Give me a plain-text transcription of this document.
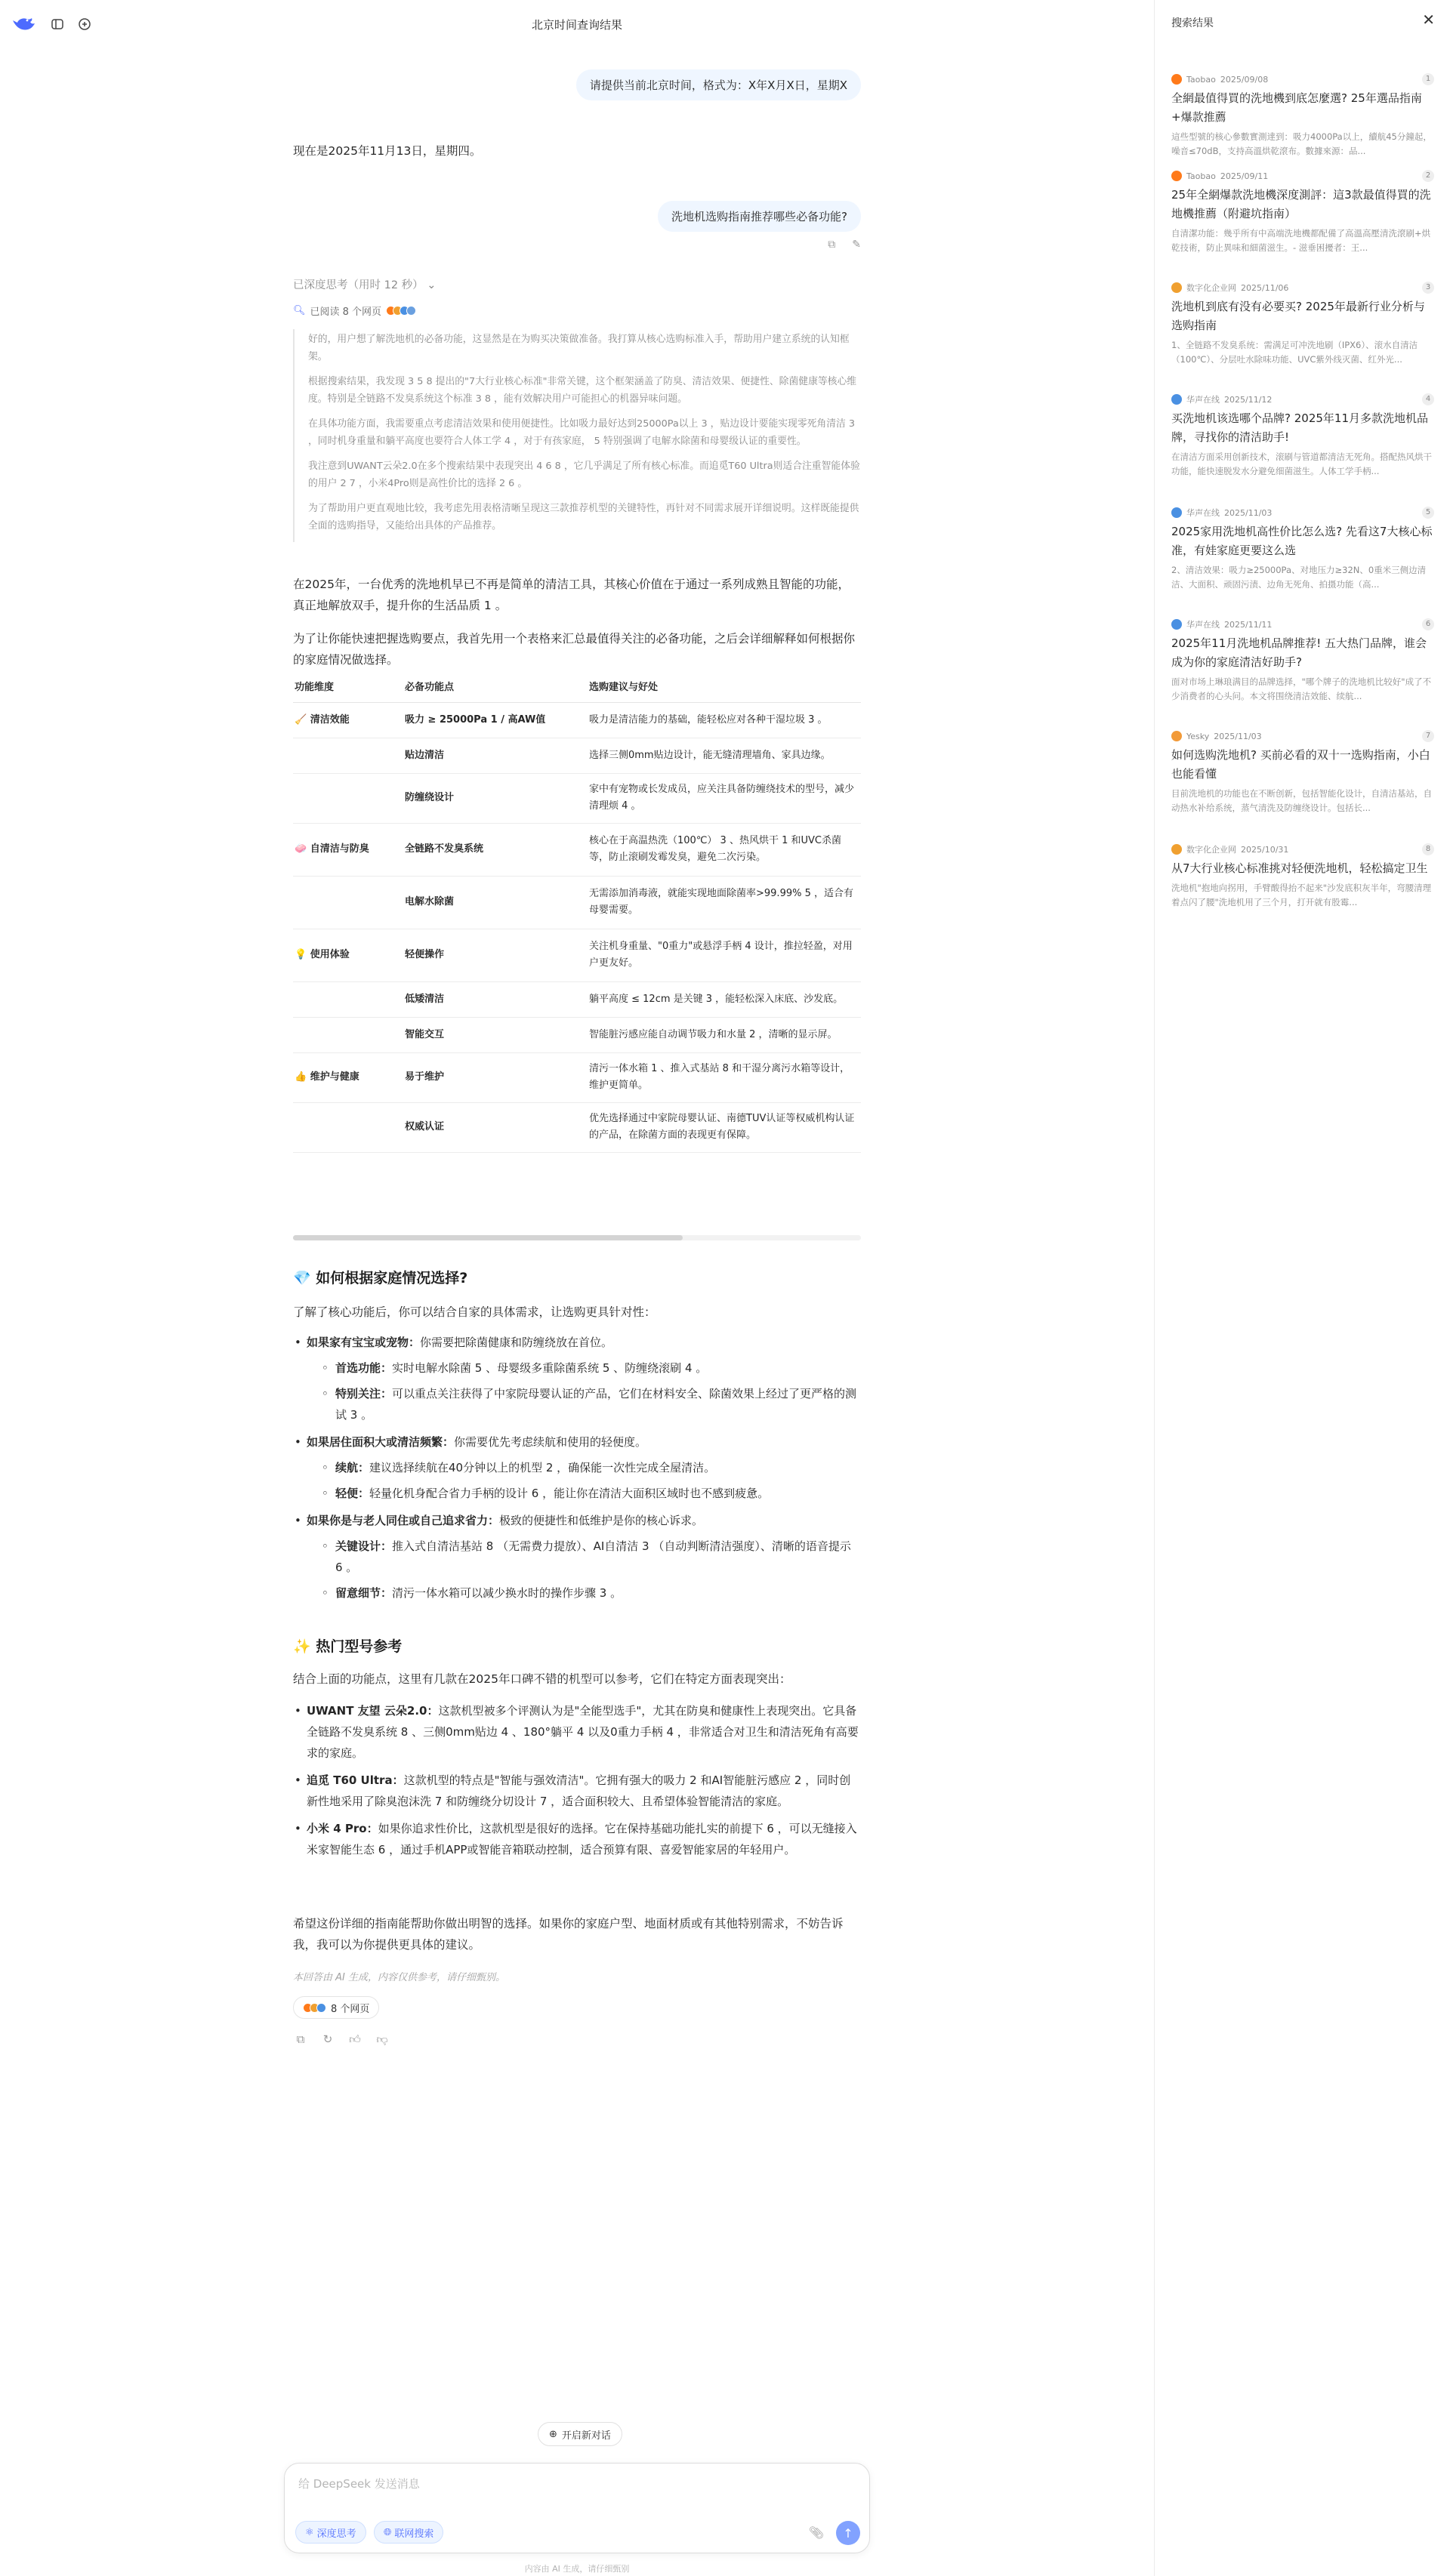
北京时间查询结果
请提供当前北京时间，格式为：X年X月X日，星期X
现在是2025年11月13日，星期四。
洗地机选购指南推荐哪些必备功能?
⧉ ✎
已深度思考（用时 12 秒） ⌄
🔍︎ 已阅读 8 个网页

好的，用户想了解洗地机的必备功能，这显然是在为购买决策做准备。我打算从核心选购标准入手，帮助用户建立系统的认知框架。

根据搜索结果，我发现 3 5 8 提出的"7大行业核心标准"非常关键，这个框架涵盖了防臭、清洁效果、便捷性、除菌健康等核心维度。特别是全链路不发臭系统这个标准 3 8 ，能有效解决用户可能担心的机器异味问题。

在具体功能方面，我需要重点考虑清洁效果和使用便捷性。比如吸力最好达到25000Pa以上 3 ，贴边设计要能实现零死角清洁 3 ，同时机身重量和躺平高度也要符合人体工学 4 ，对于有孩家庭， 5 特别强调了电解水除菌和母婴级认证的重要性。

我注意到UWANT云朵2.0在多个搜索结果中表现突出 4 6 8 ，它几乎满足了所有核心标准。而追觅T60 Ultra则适合注重智能体验的用户 2 7 ，小米4Pro则是高性价比的选择 2 6 。

为了帮助用户更直观地比较，我考虑先用表格清晰呈现这三款推荐机型的关键特性，再针对不同需求展开详细说明。这样既能提供全面的选购指导，又能给出具体的产品推荐。

在2025年，一台优秀的洗地机早已不再是简单的清洁工具，其核心价值在于通过一系列成熟且智能的功能，真正地解放双手，提升你的生活品质 1 。
为了让你能快速把握选购要点，我首先用一个表格来汇总最值得关注的必备功能，之后会详细解释如何根据你的家庭情况做选择。
功能维度	必备功能点	选购建议与好处
🧹 清洁效能	吸力 ≥ 25000Pa 1 / 高AW值	吸力是清洁能力的基础，能轻松应对各种干湿垃圾 3 。
	贴边清洁	选择三侧0mm贴边设计，能无缝清理墙角、家具边缘。
	防缠绕设计	家中有宠物或长发成员，应关注具备防缠绕技术的型号，减少清理烦 4 。
🧼 自清洁与防臭	全链路不发臭系统	核心在于高温热洗（100℃） 3 、热风烘干 1 和UVC杀菌等，防止滚刷发霉发臭，避免二次污染。
	电解水除菌	无需添加消毒液，就能实现地面除菌率>99.99% 5 ，适合有母婴需要。
💡 使用体验	轻便操作	关注机身重量、"0重力"或悬浮手柄 4 设计，推拉轻盈，对用户更友好。
	低矮清洁	躺平高度 ≤ 12cm 是关键 3 ，能轻松深入床底、沙发底。
	智能交互	智能脏污感应能自动调节吸力和水量 2 ，清晰的显示屏。
👍 维护与健康	易于维护	清污一体水箱 1 、推入式基站 8 和干湿分离污水箱等设计，维护更简单。
	权威认证	优先选择通过中家院母婴认证、南德TUV认证等权威机构认证的产品，在除菌方面的表现更有保障。
💎 如何根据家庭情况选择?
了解了核心功能后，你可以结合自家的具体需求，让选购更具针对性：
• 如果家有宝宝或宠物：你需要把除菌健康和防缠绕放在首位。
◦ 首选功能：实时电解水除菌 5 、母婴级多重除菌系统 5 、防缠绕滚刷 4 。
◦ 特别关注：可以重点关注获得了中家院母婴认证的产品，它们在材料安全、除菌效果上经过了更严格的测试 3 。
• 如果居住面积大或清洁频繁：你需要优先考虑续航和使用的轻便度。
◦ 续航：建议选择续航在40分钟以上的机型 2 ，确保能一次性完成全屋清洁。
◦ 轻便：轻量化机身配合省力手柄的设计 6 ，能让你在清洁大面积区域时也不感到疲惫。
• 如果你是与老人同住或自己追求省力：极致的便捷性和低维护是你的核心诉求。
◦ 关键设计：推入式自清洁基站 8 （无需费力提放）、AI自清洁 3 （自动判断清洁强度）、清晰的语音提示 6 。
◦ 留意细节：清污一体水箱可以减少换水时的操作步骤 3 。
✨ 热门型号参考
结合上面的功能点，这里有几款在2025年口碑不错的机型可以参考，它们在特定方面表现突出：
• UWANT 友望 云朵2.0：这款机型被多个评测认为是"全能型选手"，尤其在防臭和健康性上表现突出。它具备全链路不发臭系统 8 、三侧0mm贴边 4 、180°躺平 4 以及0重力手柄 4 ，非常适合对卫生和清洁死角有高要求的家庭。
• 追觅 T60 Ultra：这款机型的特点是"智能与强效清洁"。它拥有强大的吸力 2 和AI智能脏污感应 2 ，同时创新性地采用了除臭泡沫洗 7 和防缠绕分切设计 7 ，适合面积较大、且希望体验智能清洁的家庭。
• 小米 4 Pro：如果你追求性价比，这款机型是很好的选择。它在保持基础功能扎实的前提下 6 ，可以无缝接入米家智能生态 6 ，通过手机APP或智能音箱联动控制，适合预算有限、喜爱智能家居的年轻用户。
希望这份详细的指南能帮助你做出明智的选择。如果你的家庭户型、地面材质或有其他特别需求，不妨告诉我，我可以为你提供更具体的建议。
本回答由 AI 生成，内容仅供参考，请仔细甄别。
8 个网页
⧉ ↻ 👍︎ 👎︎
⊕ 开启新对话
给 DeepSeek 发送消息
⚛ 深度思考	🌐︎ 联网搜索	📎︎ ↑
内容由 AI 生成，请仔细甄别
搜索结果	✕
Taobao 2025/09/08	1
全網最值得買的洗地機到底怎麼選? 25年選品指南+爆款推薦
這些型號的核心參數實測達到：吸力4000Pa以上，續航45分鐘起，噪音≤70dB，支持高溫烘乾滾布。數據來源：品...
Taobao 2025/09/11	2
25年全網爆款洗地機深度測評：這3款最值得買的洗地機推薦（附避坑指南）
自清潔功能：幾乎所有中高端洗地機都配備了高溫高壓清洗滾刷+烘乾技術，防止異味和細菌滋生。- 滋垂困擾者：王...
数字化企业网 2025/11/06	3
洗地机到底有没有必要买? 2025年最新行业分析与选购指南
1、全链路不发臭系统：需满足可冲洗地刷（IPX6）、滚水自清洁（100℃）、分层吐水除味功能、UVC紫外线灭菌、红外光...
华声在线 2025/11/12	4
买洗地机该选哪个品牌? 2025年11月多款洗地机品牌，寻找你的清洁助手!
在清洁方面采用创新技术，滚刷与管道都清洁无死角。搭配热风烘干功能，能快速脱发水分避免细菌滋生。人体工学手柄...
华声在线 2025/11/03	5
2025家用洗地机高性价比怎么选? 先看这7大核心标准，有娃家庭更要这么选
2、清洁效果：吸力≥25000Pa、对地压力≥32N、0重米三侧边清洁、大面积、顽固污渍、边角无死角、拍摄功能（高...
华声在线 2025/11/11	6
2025年11月洗地机品牌推荐! 五大热门品牌，谁会成为你的家庭清洁好助手?
面对市场上琳琅满目的品牌选择，"哪个牌子的洗地机比较好"成了不少消费者的心头问。本文将围绕清洁效能、续航...
Yesky 2025/11/03	7
如何选购洗地机? 买前必看的双十一选购指南，小白也能看懂
目前洗地机的功能也在不断创新，包括智能化设计，自清洁基站，自动热水补给系统，蒸气清洗及防缠绕设计。包括长...
数字化企业网 2025/10/31	8
从7大行业核心标准挑对轻便洗地机，轻松搞定卫生
洗地机"抱地向拐用，手臂酸得抬不起来"沙发底积灰半年，弯腰清理着点闪了腰"洗地机用了三个月，打开就有股霉...
